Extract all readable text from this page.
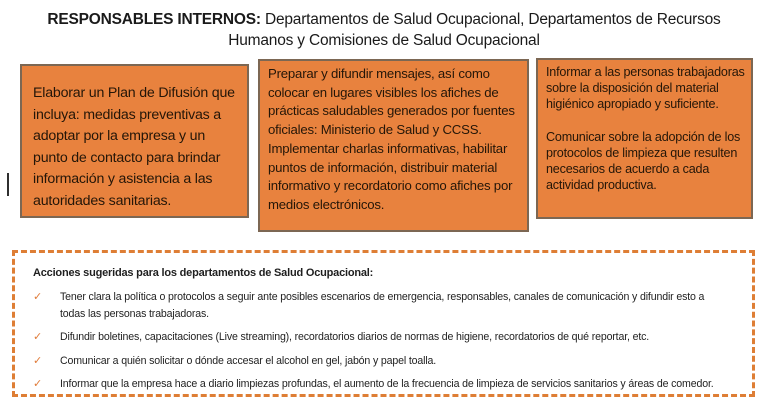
RESPONSABLES INTERNOS: Departamentos de Salud Ocupacional, Departamentos de Recursos Humanos y Comisiones de Salud Ocupacional

Elaborar un Plan de Difusión que incluya: medidas preventivas a adoptar por la empresa y un punto de contacto para brindar información y asistencia a las autoridades sanitarias.

Preparar y difundir mensajes, así como colocar en lugares visibles los afiches de prácticas saludables generados por fuentes oficiales: Ministerio de Salud y CCSS.

Implementar charlas informativas, habilitar puntos de información, distribuir material informativo y recordatorio como afiches por medios electrónicos.

Informar a las personas trabajadoras sobre la disposición del material higiénico apropiado y suficiente.

Comunicar sobre la adopción de los protocolos de limpieza que resulten necesarios de acuerdo a cada actividad productiva.

Acciones sugeridas para los departamentos de Salud Ocupacional:

✓	Tener clara la política o protocolos a seguir ante posibles escenarios de emergencia, responsables, canales de comunicación y difundir esto a todas las personas trabajadoras.
✓	Difundir boletines, capacitaciones (Live streaming), recordatorios diarios de normas de higiene, recordatorios de qué reportar, etc.
✓	Comunicar a quién solicitar o dónde accesar el alcohol en gel, jabón y papel toalla.
✓	Informar que la empresa hace a diario limpiezas profundas, el aumento de la frecuencia de limpieza de servicios sanitarios y áreas de comedor.
